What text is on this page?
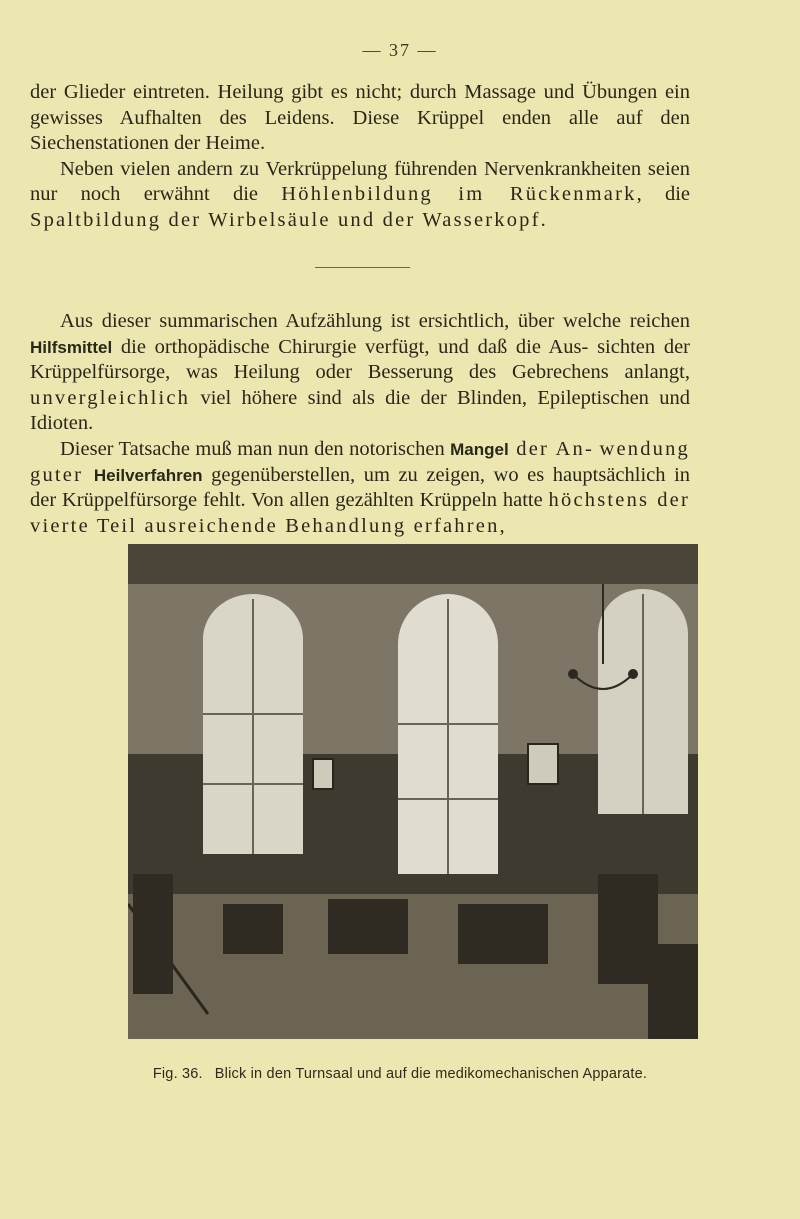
— 37 —

der Glieder eintreten. Heilung gibt es nicht; durch Massage und Übungen ein gewisses Aufhalten des Leidens. Diese Krüppel enden alle auf den Siechenstationen der Heime.

Neben vielen andern zu Verkrüppelung führenden Nervenkrankheiten seien nur noch erwähnt die Höhlenbildung im Rückenmark, die Spaltbildung der Wirbelsäule und der Wasserkopf.

Aus dieser summarischen Aufzählung ist ersichtlich, über welche reichen Hilfsmittel die orthopädische Chirurgie verfügt, und daß die Aus- sichten der Krüppelfürsorge, was Heilung oder Besserung des Gebrechens anlangt, unvergleichlich viel höhere sind als die der Blinden, Epileptischen und Idioten.

Dieser Tatsache muß man nun den notorischen Mangel der An- wendung guter Heilverfahren gegenüberstellen, um zu zeigen, wo es hauptsächlich in der Krüppelfürsorge fehlt. Von allen gezählten Krüppeln hatte höchstens der vierte Teil ausreichende Behandlung erfahren,

Fig. 36. Blick in den Turnsaal und auf die medikomechanischen Apparate.
